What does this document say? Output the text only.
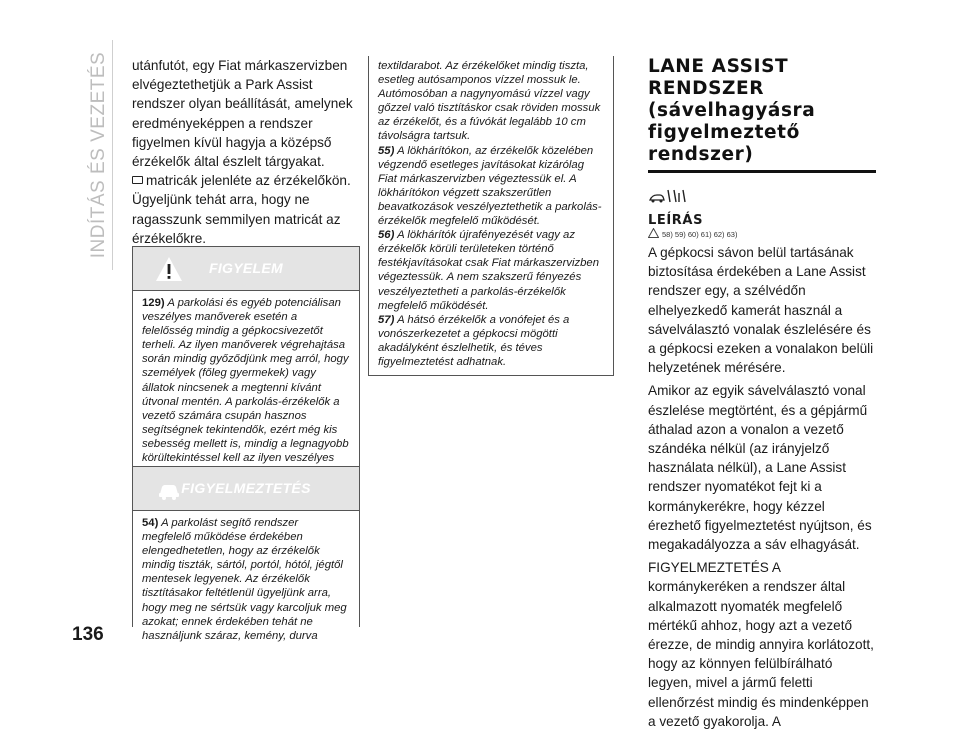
INDÍTÁS ÉS VEZETÉS utánfutót, egy Fiat márkaszervizben elvégeztethetjük a Park Assist rendszer olyan beállítását, amelynek eredményeképpen a rendszer figyelmen kívül hagyja a középső érzékelők által észlelt tárgyakat.

matricák jelenléte az érzékelőkön. Ügyeljünk tehát arra, hogy ne ragasszunk semmilyen matricát az érzékelőkre.

FIGYELEM

129) A parkolási és egyéb potenciálisan veszélyes manőverek esetén a felelősség mindig a gépkocsivezetőt terheli. Az ilyen manőverek végrehajtása során mindig győződjünk meg arról, hogy személyek (főleg gyermekek) vagy állatok nincsenek a megtenni kívánt útvonal mentén. A parkolás-érzékelők a vezető számára csupán hasznos segítségnek tekintendők, ezért még kis sebesség mellett is, mindig a legnagyobb körültekintéssel kell az ilyen veszélyes

FIGYELMEZTETÉS

54) A parkolást segítő rendszer megfelelő működése érdekében elengedhetetlen, hogy az érzékelők mindig tiszták, sártól, portól, hótól, jégtől mentesek legyenek. Az érzékelők tisztításakor feltétlenül ügyeljünk arra, hogy meg ne sértsük vagy karcoljuk meg azokat; ennek érdekében tehát ne használjunk száraz, kemény, durva

textildarabot. Az érzékelőket mindig tiszta, esetleg autósamponos vízzel mossuk le. Autómosóban a nagynyomású vízzel vagy gőzzel való tisztításkor csak röviden mossuk az érzékelőt, és a fúvókát legalább 10 cm távolságra tartsuk.

55) A lökhárítókon, az érzékelők közelében végzendő esetleges javításokat kizárólag Fiat márkaszervizben végeztessük el. A lökhárítókon végzett szakszerűtlen beavatkozások veszélyeztethetik a parkolás-érzékelők megfelelő működését.

56) A lökhárítók újrafényezését vagy az érzékelők körüli területeken történő festékjavításokat csak Fiat márkaszervizben végeztessük. A nem szakszerű fényezés veszélyeztetheti a parkolás-érzékelők megfelelő működését.

57) A hátsó érzékelők a vonófejet és a vonószerkezetet a gépkocsi mögötti akadályként észlelhetik, és téves figyelmeztetést adhatnak.

LANE ASSIST
RENDSZER
(sávelhagyásra
figyelmeztető
rendszer)
LEÍRÁS
58) 59) 60) 61) 62) 63)

A gépkocsi sávon belül tartásának biztosítása érdekében a Lane Assist rendszer egy, a szélvédőn elhelyezkedő kamerát használ a sávelválasztó vonalak észlelésére és a gépkocsi ezeken a vonalakon belüli helyzetének mérésére.

Amikor az egyik sávelválasztó vonal észlelése megtörtént, és a gépjármű áthalad azon a vonalon a vezető szándéka nélkül (az irányjelző használata nélkül), a Lane Assist rendszer nyomatékot fejt ki a kormánykerékre, hogy kézzel érezhető figyelmeztetést nyújtson, és megakadályozza a sáv elhagyását.

FIGYELMEZTETÉS A kormánykeréken a rendszer által alkalmazott nyomaték megfelelő mértékű ahhoz, hogy azt a vezető érezze, de mindig annyira korlátozott, hogy az könnyen felülbírálható legyen, mivel a jármű feletti ellenőrzést mindig és mindenképpen a vezető gyakorolja. A

136
